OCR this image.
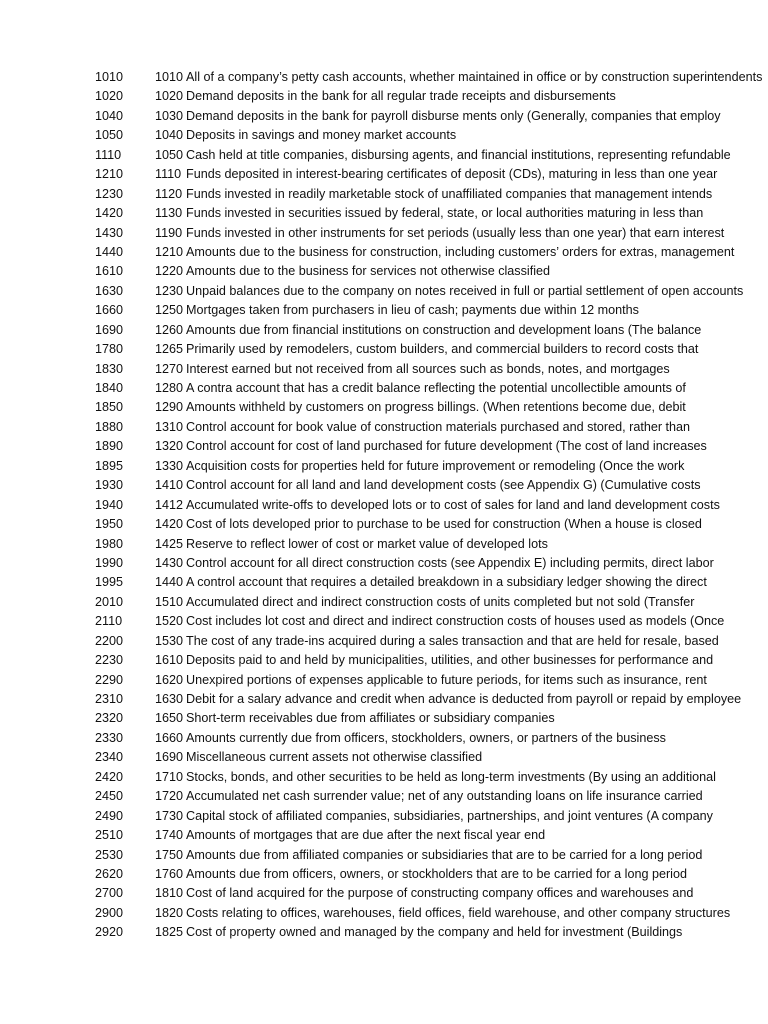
1010	1010 All of a company’s petty cash accounts, whether maintained in office or by construction superintendents
1020	1020 Demand deposits in the bank for all regular trade receipts and disbursements
1040	1030 Demand deposits in the bank for payroll disburse ments only (Generally, companies that employ
1050	1040 Deposits in savings and money market accounts
1110	1050 Cash held at title companies, disbursing agents, and financial institutions, representing refundable
1210	1110 Funds deposited in interest-bearing certificates of deposit (CDs), maturing in less than one year
1230	1120 Funds invested in readily marketable stock of unaffiliated companies that management intends
1420	1130 Funds invested in securities issued by federal, state, or local authorities maturing in less than
1430	1190 Funds invested in other instruments for set periods (usually less than one year) that earn interest
1440	1210 Amounts due to the business for construction, including customers’ orders for extras, management
1610	1220 Amounts due to the business for services not otherwise classified
1630	1230 Unpaid balances due to the company on notes received in full or partial settlement of open accounts
1660	1250 Mortgages taken from purchasers in lieu of cash; payments due within 12 months
1690	1260 Amounts due from financial institutions on construction and development loans (The balance
1780	1265 Primarily used by remodelers, custom builders, and commercial builders to record costs that
1830	1270 Interest earned but not received from all sources such as bonds, notes, and mortgages
1840	1280 A contra account that has a credit balance reflecting the potential uncollectible amounts of
1850	1290 Amounts withheld by customers on progress billings. (When retentions become due, debit
1880	1310 Control account for book value of construction materials purchased and stored, rather than
1890	1320 Control account for cost of land purchased for future development (The cost of land increases
1895	1330 Acquisition costs for properties held for future improvement or remodeling (Once the work
1930	1410 Control account for all land and land development costs (see Appendix G) (Cumulative costs
1940	1412 Accumulated write-offs to developed lots or to cost of sales for land and land development costs
1950	1420 Cost of lots developed prior to purchase to be used for construction (When a house is closed
1980	1425 Reserve to reflect lower of cost or market value of developed lots
1990	1430 Control account for all direct construction costs (see Appendix E) including permits, direct labor
1995	1440 A control account that requires a detailed breakdown in a subsidiary ledger showing the direct
2010	1510 Accumulated direct and indirect construction costs of units completed but not sold (Transfer
2110	1520 Cost includes lot cost and direct and indirect construction costs of houses used as models (Once
2200	1530 The cost of any trade-ins acquired during a sales transaction and that are held for resale, based
2230	1610 Deposits paid to and held by municipalities, utilities, and other businesses for performance and
2290	1620 Unexpired portions of expenses applicable to future periods, for items such as insurance, rent
2310	1630 Debit for a salary advance and credit when advance is deducted from payroll or repaid by employee
2320	1650 Short-term receivables due from affiliates or subsidiary companies
2330	1660 Amounts currently due from officers, stockholders, owners, or partners of the business
2340	1690 Miscellaneous current assets not otherwise classified
2420	1710 Stocks, bonds, and other securities to be held as long-term investments (By using an additional
2450	1720 Accumulated net cash surrender value; net of any outstanding loans on life insurance carried
2490	1730 Capital stock of affiliated companies, subsidiaries, partnerships, and joint ventures (A company
2510	1740 Amounts of mortgages that are due after the next fiscal year end
2530	1750 Amounts due from affiliated companies or subsidiaries that are to be carried for a long period
2620	1760 Amounts due from officers, owners, or stockholders that are to be carried for a long period
2700	1810 Cost of land acquired for the purpose of constructing company offices and warehouses and
2900	1820 Costs relating to offices, warehouses, field offices, field warehouse, and other company structures
2920	1825 Cost of property owned and managed by the company and held for investment (Buildings
